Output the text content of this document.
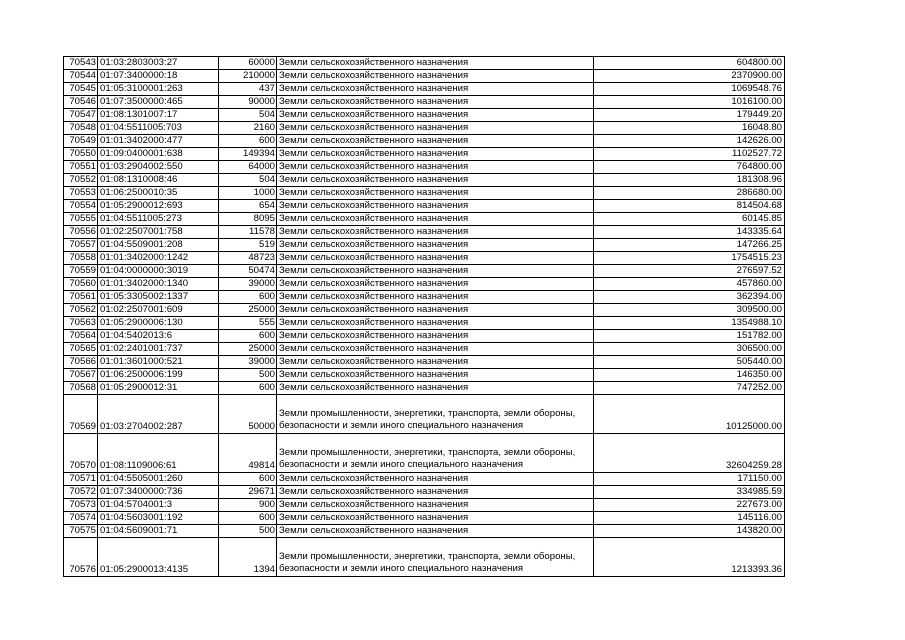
70543	01:03:2803003:27	60000	Земли сельскохозяйственного назначения	604800.00
70544	01:07:3400000:18	210000	Земли сельскохозяйственного назначения	2370900.00
70545	01:05:3100001:263	437	Земли сельскохозяйственного назначения	1069548.76
70546	01:07:3500000:465	90000	Земли сельскохозяйственного назначения	1016100.00
70547	01:08:1301007:17	504	Земли сельскохозяйственного назначения	179449.20
70548	01:04:5511005:703	2160	Земли сельскохозяйственного назначения	16048.80
70549	01:01:3402000:477	600	Земли сельскохозяйственного назначения	142626.00
70550	01:09:0400001:638	149394	Земли сельскохозяйственного назначения	1102527.72
70551	01:03:2904002:550	64000	Земли сельскохозяйственного назначения	764800.00
70552	01:08:1310008:46	504	Земли сельскохозяйственного назначения	181308.96
70553	01:06:2500010:35	1000	Земли сельскохозяйственного назначения	286680.00
70554	01:05:2900012:693	654	Земли сельскохозяйственного назначения	814504.68
70555	01:04:5511005:273	8095	Земли сельскохозяйственного назначения	60145.85
70556	01:02:2507001:758	11578	Земли сельскохозяйственного назначения	143335.64
70557	01:04:5509001:208	519	Земли сельскохозяйственного назначения	147266.25
70558	01:01:3402000:1242	48723	Земли сельскохозяйственного назначения	1754515.23
70559	01:04:0000000:3019	50474	Земли сельскохозяйственного назначения	276597.52
70560	01:01:3402000:1340	39000	Земли сельскохозяйственного назначения	457860.00
70561	01:05:3305002:1337	600	Земли сельскохозяйственного назначения	362394.00
70562	01:02:2507001:609	25000	Земли сельскохозяйственного назначения	309500.00
70563	01:05:2900006:130	555	Земли сельскохозяйственного назначения	1354988.10
70564	01:04:5402013:6	600	Земли сельскохозяйственного назначения	151782.00
70565	01:02:2401001:737	25000	Земли сельскохозяйственного назначения	306500.00
70566	01:01:3601000:521	39000	Земли сельскохозяйственного назначения	505440.00
70567	01:06:2500006:199	500	Земли сельскохозяйственного назначения	146350.00
70568	01:05:2900012:31	600	Земли сельскохозяйственного назначения	747252.00
70569	01:03:2704002:287	50000	Земли промышленности, энергетики, транспорта, земли обороны, безопасности и земли иного специального назначения	10125000.00
70570	01:08:1109006:61	49814	Земли промышленности, энергетики, транспорта, земли обороны, безопасности и земли иного специального назначения	32604259.28
70571	01:04:5505001:260	600	Земли сельскохозяйственного назначения	171150.00
70572	01:07:3400000:736	29671	Земли сельскохозяйственного назначения	334985.59
70573	01:04:5704001:3	900	Земли сельскохозяйственного назначения	227673.00
70574	01:04:5603001:192	600	Земли сельскохозяйственного назначения	145116.00
70575	01:04:5609001:71	500	Земли сельскохозяйственного назначения	143820.00
70576	01:05:2900013:4135	1394	Земли промышленности, энергетики, транспорта, земли обороны, безопасности и земли иного специального назначения	1213393.36
